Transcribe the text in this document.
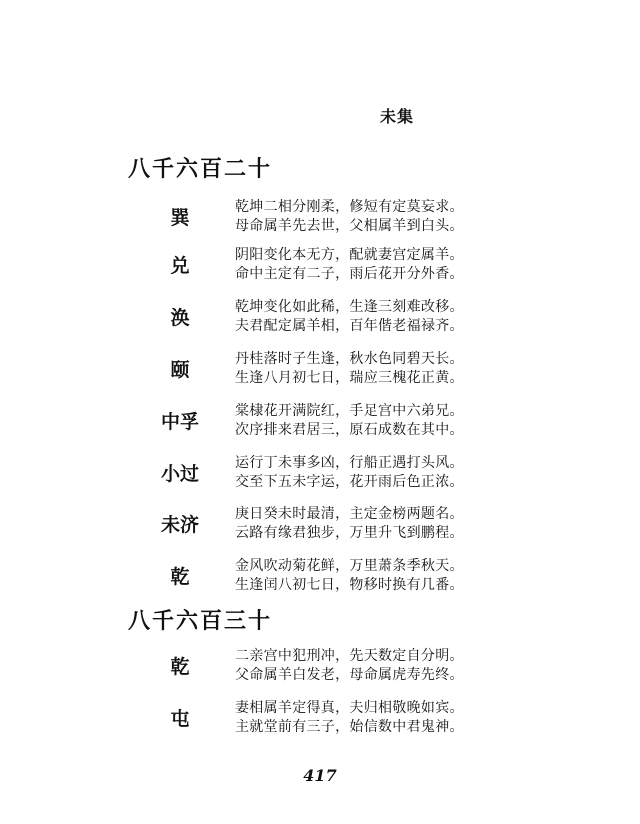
未集
八千六百二十
巽	乾坤二相分刚柔，修短有定莫妄求。
母命属羊先去世，父相属羊到白头。
兑	阴阳变化本无方，配就妻宫定属羊。
命中主定有二子，雨后花开分外香。
涣	乾坤变化如此稀，生逢三刻难改移。
夫君配定属羊相，百年偕老福禄齐。
颐	丹桂落时子生逢，秋水色同碧天长。
生逢八月初七日，瑞应三槐花正黄。
中孚	棠棣花开满院红，手足宫中六弟兄。
次序排来君居三，原石成数在其中。
小过	运行丁未事多凶，行船正遇打头风。
交至下五未字运，花开雨后色正浓。
未济	庚日癸未时最清，主定金榜两题名。
云路有缘君独步，万里升飞到鹏程。
乾	金风吹动菊花鲜，万里萧条季秋天。
生逢闰八初七日，物移时换有几番。
八千六百三十
乾	二亲宫中犯刑冲，先天数定自分明。
父命属羊白发老，母命属虎寿先终。
屯	妻相属羊定得真，夫归相敬晚如宾。
主就堂前有三子，始信数中君鬼神。
417
